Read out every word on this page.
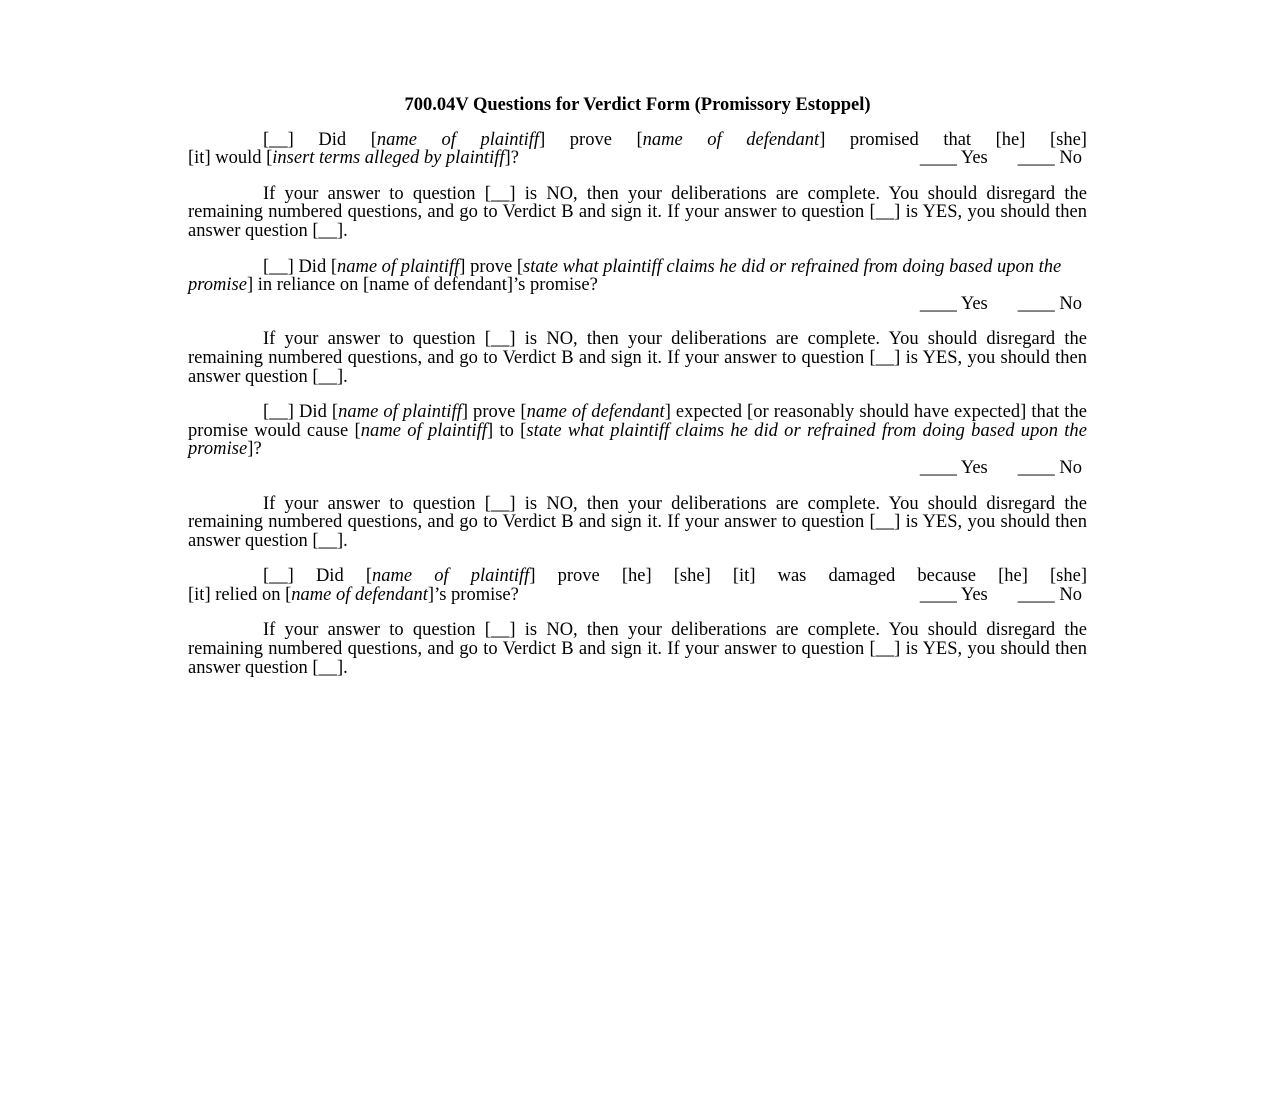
700.04V Questions for Verdict Form (Promissory Estoppel)
[__] Did [name of plaintiff] prove [name of defendant] promised that [he] [she]
[it] would [insert terms alleged by plaintiff]?	____ Yes ____ No
If your answer to question [__] is NO, then your deliberations are complete. You should disregard the remaining numbered questions, and go to Verdict B and sign it. If your answer to question [__] is YES, you should then answer question [__].
[__] Did [name of plaintiff] prove [state what plaintiff claims he did or refrained from doing based upon the promise] in reliance on [name of defendant]’s promise?
____ Yes ____ No
If your answer to question [__] is NO, then your deliberations are complete. You should disregard the remaining numbered questions, and go to Verdict B and sign it. If your answer to question [__] is YES, you should then answer question [__].
[__] Did [name of plaintiff] prove [name of defendant] expected [or reasonably should have expected] that the promise would cause [name of plaintiff] to [state what plaintiff claims he did or refrained from doing based upon the promise]?
____ Yes ____ No
If your answer to question [__] is NO, then your deliberations are complete. You should disregard the remaining numbered questions, and go to Verdict B and sign it. If your answer to question [__] is YES, you should then answer question [__].
[__] Did [name of plaintiff] prove [he] [she] [it] was damaged because [he] [she]
[it] relied on [name of defendant]’s promise?	____ Yes ____ No
If your answer to question [__] is NO, then your deliberations are complete. You should disregard the remaining numbered questions, and go to Verdict B and sign it. If your answer to question [__] is YES, you should then answer question [__].
